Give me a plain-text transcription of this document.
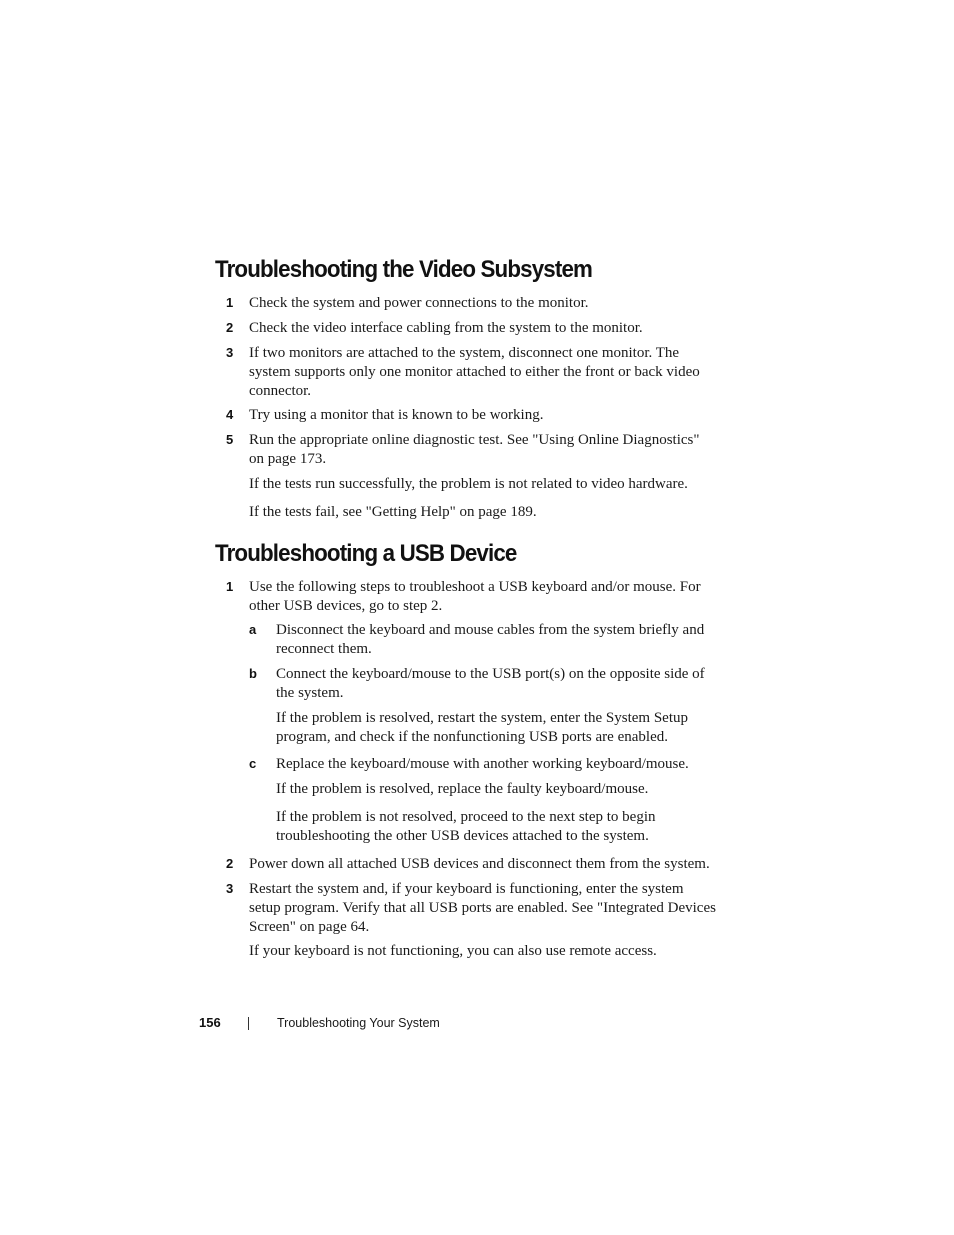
Troubleshooting the Video Subsystem
1 Check the system and power connections to the monitor.
2 Check the video interface cabling from the system to the monitor.
3 If two monitors are attached to the system, disconnect one monitor. The system supports only one monitor attached to either the front or back video connector.
4 Try using a monitor that is known to be working.
5 Run the appropriate online diagnostic test. See "Using Online Diagnostics" on page 173.
If the tests run successfully, the problem is not related to video hardware.
If the tests fail, see "Getting Help" on page 189.
Troubleshooting a USB Device
1 Use the following steps to troubleshoot a USB keyboard and/or mouse. For other USB devices, go to step 2.
a Disconnect the keyboard and mouse cables from the system briefly and reconnect them.
b Connect the keyboard/mouse to the USB port(s) on the opposite side of the system.
If the problem is resolved, restart the system, enter the System Setup program, and check if the nonfunctioning USB ports are enabled.
c Replace the keyboard/mouse with another working keyboard/mouse.
If the problem is resolved, replace the faulty keyboard/mouse.
If the problem is not resolved, proceed to the next step to begin troubleshooting the other USB devices attached to the system.
2 Power down all attached USB devices and disconnect them from the system.
3 Restart the system and, if your keyboard is functioning, enter the system setup program. Verify that all USB ports are enabled. See "Integrated Devices Screen" on page 64.
If your keyboard is not functioning, you can also use remote access.
156	Troubleshooting Your System
